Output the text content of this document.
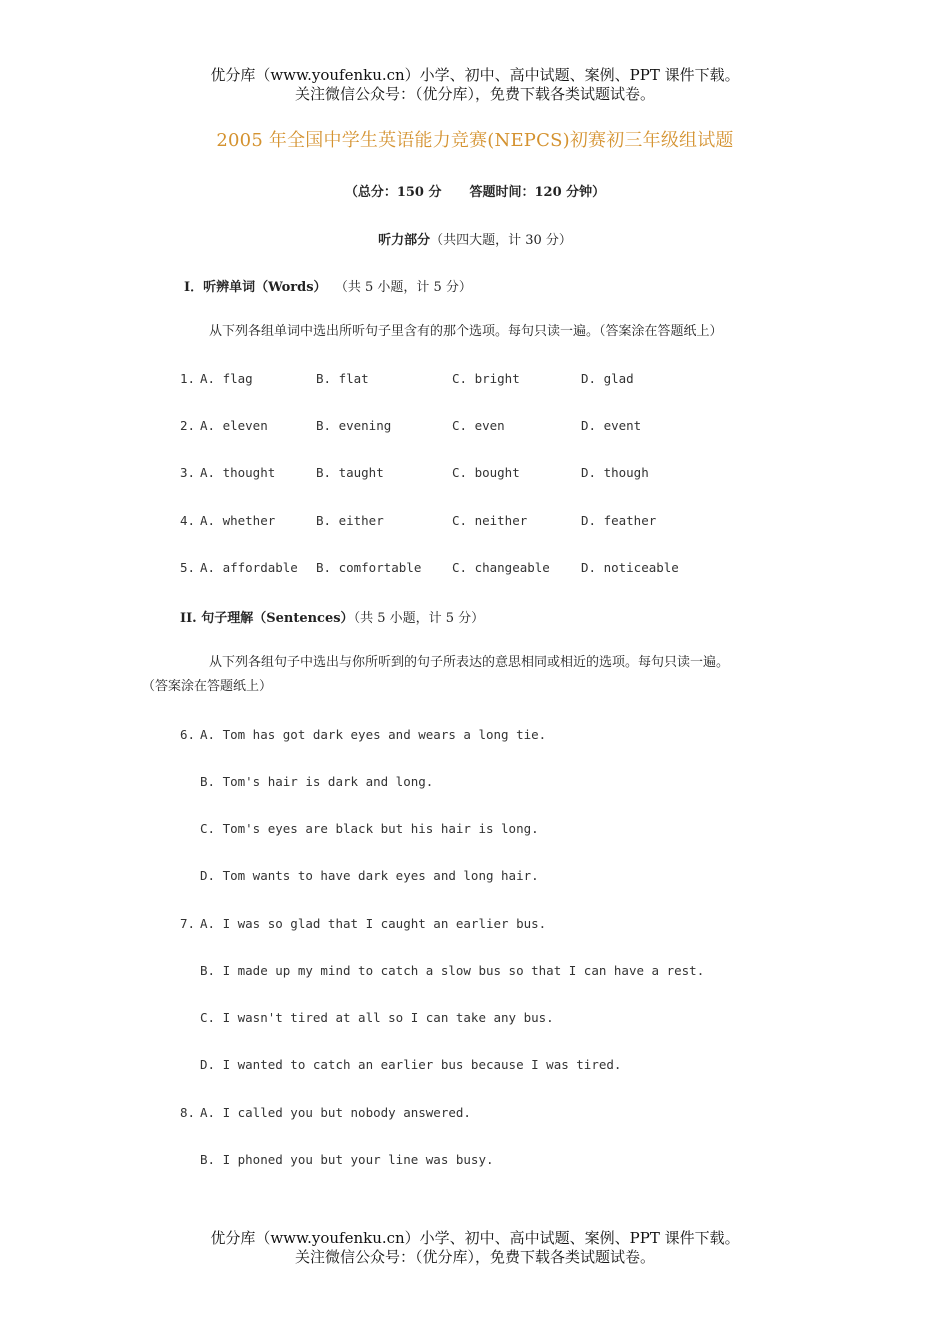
优分库（www.youfenku.cn）小学、初中、高中试题、案例、PPT 课件下载。
关注微信公众号：（优分库），免费下载各类试题试卷。
2005 年全国中学生英语能力竞赛(NEPCS)初赛初三年级组试题
（总分：150 分 答题时间：120 分钟）
听力部分（共四大题，计 30 分）
I．听辨单词（Words） （共 5 小题，计 5 分）
从下列各组单词中选出所听句子里含有的那个选项。每句只读一遍。（答案涂在答题纸上）
1. A. flag	B. flat	C. bright	D. glad
2. A. eleven	B. evening	C. even	D. event
3. A. thought	B. taught	C. bought	D. though
4. A. whether	B. either	C. neither	D. feather
5. A. affordable B. comfortable C. changeable D. noticeable
II. 句子理解（Sentences）（共 5 小题，计 5 分）
从下列各组句子中选出与你所听到的句子所表达的意思相同或相近的选项。每句只读一遍。
（答案涂在答题纸上）
6. A. Tom has got dark eyes and wears a long tie.
B. Tom's hair is dark and long.
C. Tom's eyes are black but his hair is long.
D. Tom wants to have dark eyes and long hair.
7. A. I was so glad that I caught an earlier bus.
B. I made up my mind to catch a slow bus so that I can have a rest.
C. I wasn't tired at all so I can take any bus.
D. I wanted to catch an earlier bus because I was tired.
8. A. I called you but nobody answered.
B. I phoned you but your line was busy.
优分库（www.youfenku.cn）小学、初中、高中试题、案例、PPT 课件下载。
关注微信公众号：（优分库），免费下载各类试题试卷。
